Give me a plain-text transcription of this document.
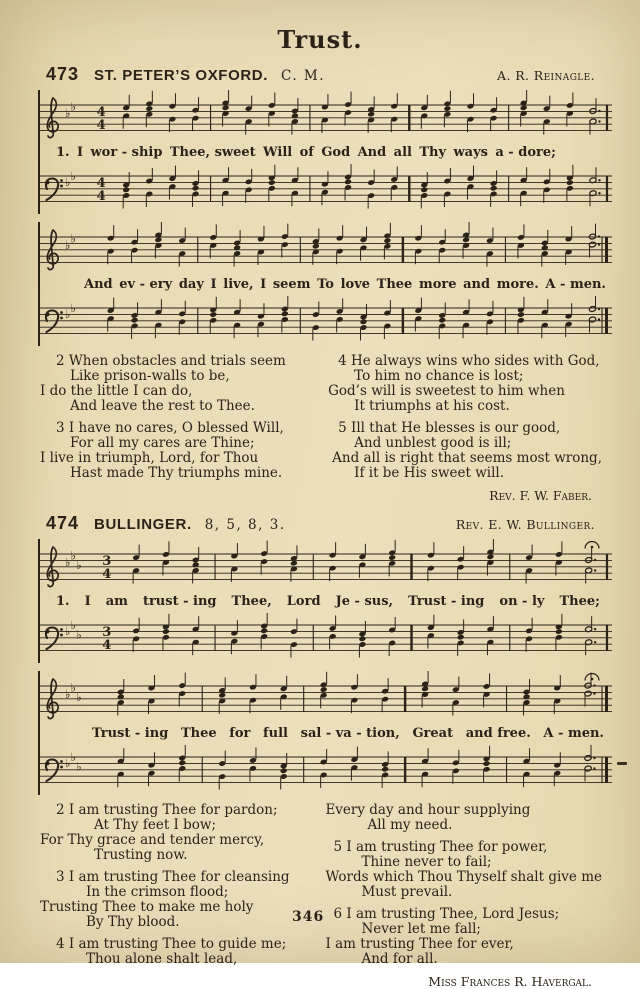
Trust.
473 ST. PETER’S OXFORD. C. M.	A. R. Reinagle.
♭ ♭ 4
4
1. I wor - ship Thee, sweet Will of God And all Thy ways a - dore;
♭ ♭ 4
4
♭ ♭
And ev - ery day I live, I seem To love Thee more and more. A - men.
♭ ♭

2 When obstacles and trials seem
Like prison-walls to be,
I do the little I can do,
And leave the rest to Thee.

3 I have no cares, O blessed Will,
For all my cares are Thine;
I live in triumph, Lord, for Thou
Hast made Thy triumphs mine.

4 He always wins who sides with God,
To him no chance is lost;
God’s will is sweetest to him when
It triumphs at his cost.

5 Ill that He blesses is our good,
And unblest good is ill;
And all is right that seems most wrong,
If it be His sweet will.

Rev. F. W. Faber.
474 BULLINGER. 8, 5, 8, 3.	Rev. E. W. Bullinger.
♭ ♭
♭ 3
4
1. I am trust - ing Thee, Lord Je - sus, Trust - ing on - ly Thee;
♭ ♭
♭ 3
4
♭ ♭
♭
Trust - ing Thee for full sal - va - tion, Great and free. A - men.
♭ ♭
♭

2 I am trusting Thee for pardon;
At Thy feet I bow;
For Thy grace and tender mercy,
Trusting now.

3 I am trusting Thee for cleansing
In the crimson flood;
Trusting Thee to make me holy
By Thy blood.

4 I am trusting Thee to guide me;
Thou alone shalt lead,

Every day and hour supplying
All my need.

5 I am trusting Thee for power,
Thine never to fail;
Words which Thou Thyself shalt give me
Must prevail.

6 I am trusting Thee, Lord Jesus;
Never let me fall;
I am trusting Thee for ever,
And for all.

Miss Frances R. Havergal.
346
